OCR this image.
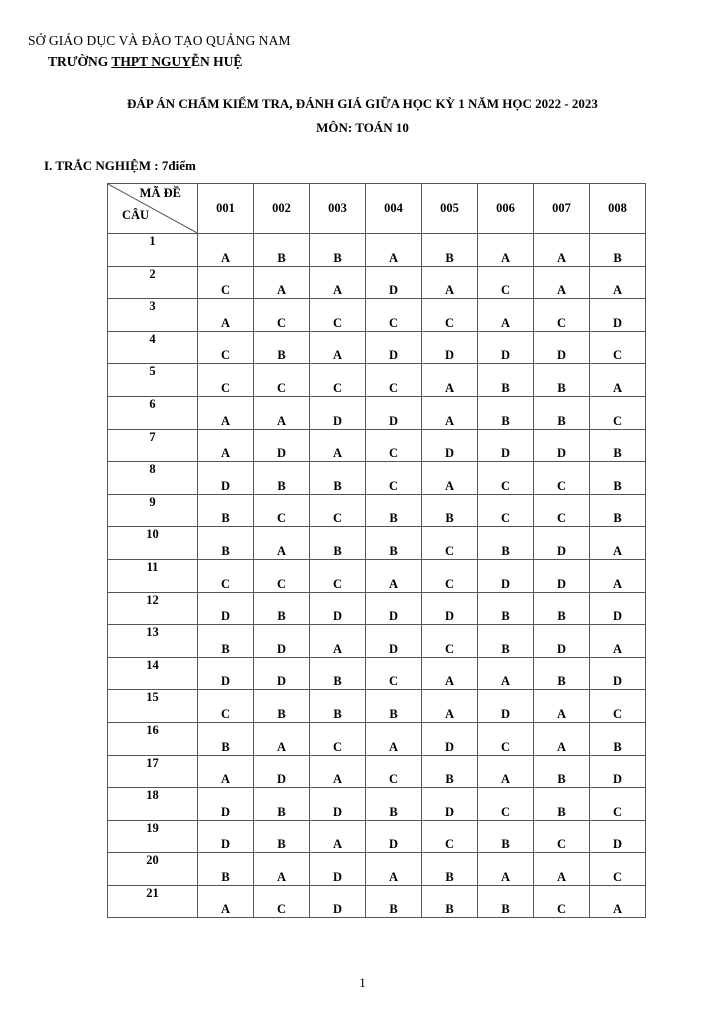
SỞ GIÁO DỤC VÀ ĐÀO TẠO QUẢNG NAM
TRƯỜNG THPT NGUYỄN HUỆ
ĐÁP ÁN CHẤM KIỂM TRA, ĐÁNH GIÁ GIỮA HỌC KỲ 1 NĂM HỌC 2022 - 2023
MÔN: TOÁN 10
I. TRẮC NGHIỆM : 7điểm
MÃ ĐỀ
CÂU	001	002	003	004	005	006	007	008
1	A	B	B	A	B	A	A	B
2	C	A	A	D	A	C	A	A
3	A	C	C	C	C	A	C	D
4	C	B	A	D	D	D	D	C
5	C	C	C	C	A	B	B	A
6	A	A	D	D	A	B	B	C
7	A	D	A	C	D	D	D	B
8	D	B	B	C	A	C	C	B
9	B	C	C	B	B	C	C	B
10	B	A	B	B	C	B	D	A
11	C	C	C	A	C	D	D	A
12	D	B	D	D	D	B	B	D
13	B	D	A	D	C	B	D	A
14	D	D	B	C	A	A	B	D
15	C	B	B	B	A	D	A	C
16	B	A	C	A	D	C	A	B
17	A	D	A	C	B	A	B	D
18	D	B	D	B	D	C	B	C
19	D	B	A	D	C	B	C	D
20	B	A	D	A	B	A	A	C
21	A	C	D	B	B	B	C	A
1
